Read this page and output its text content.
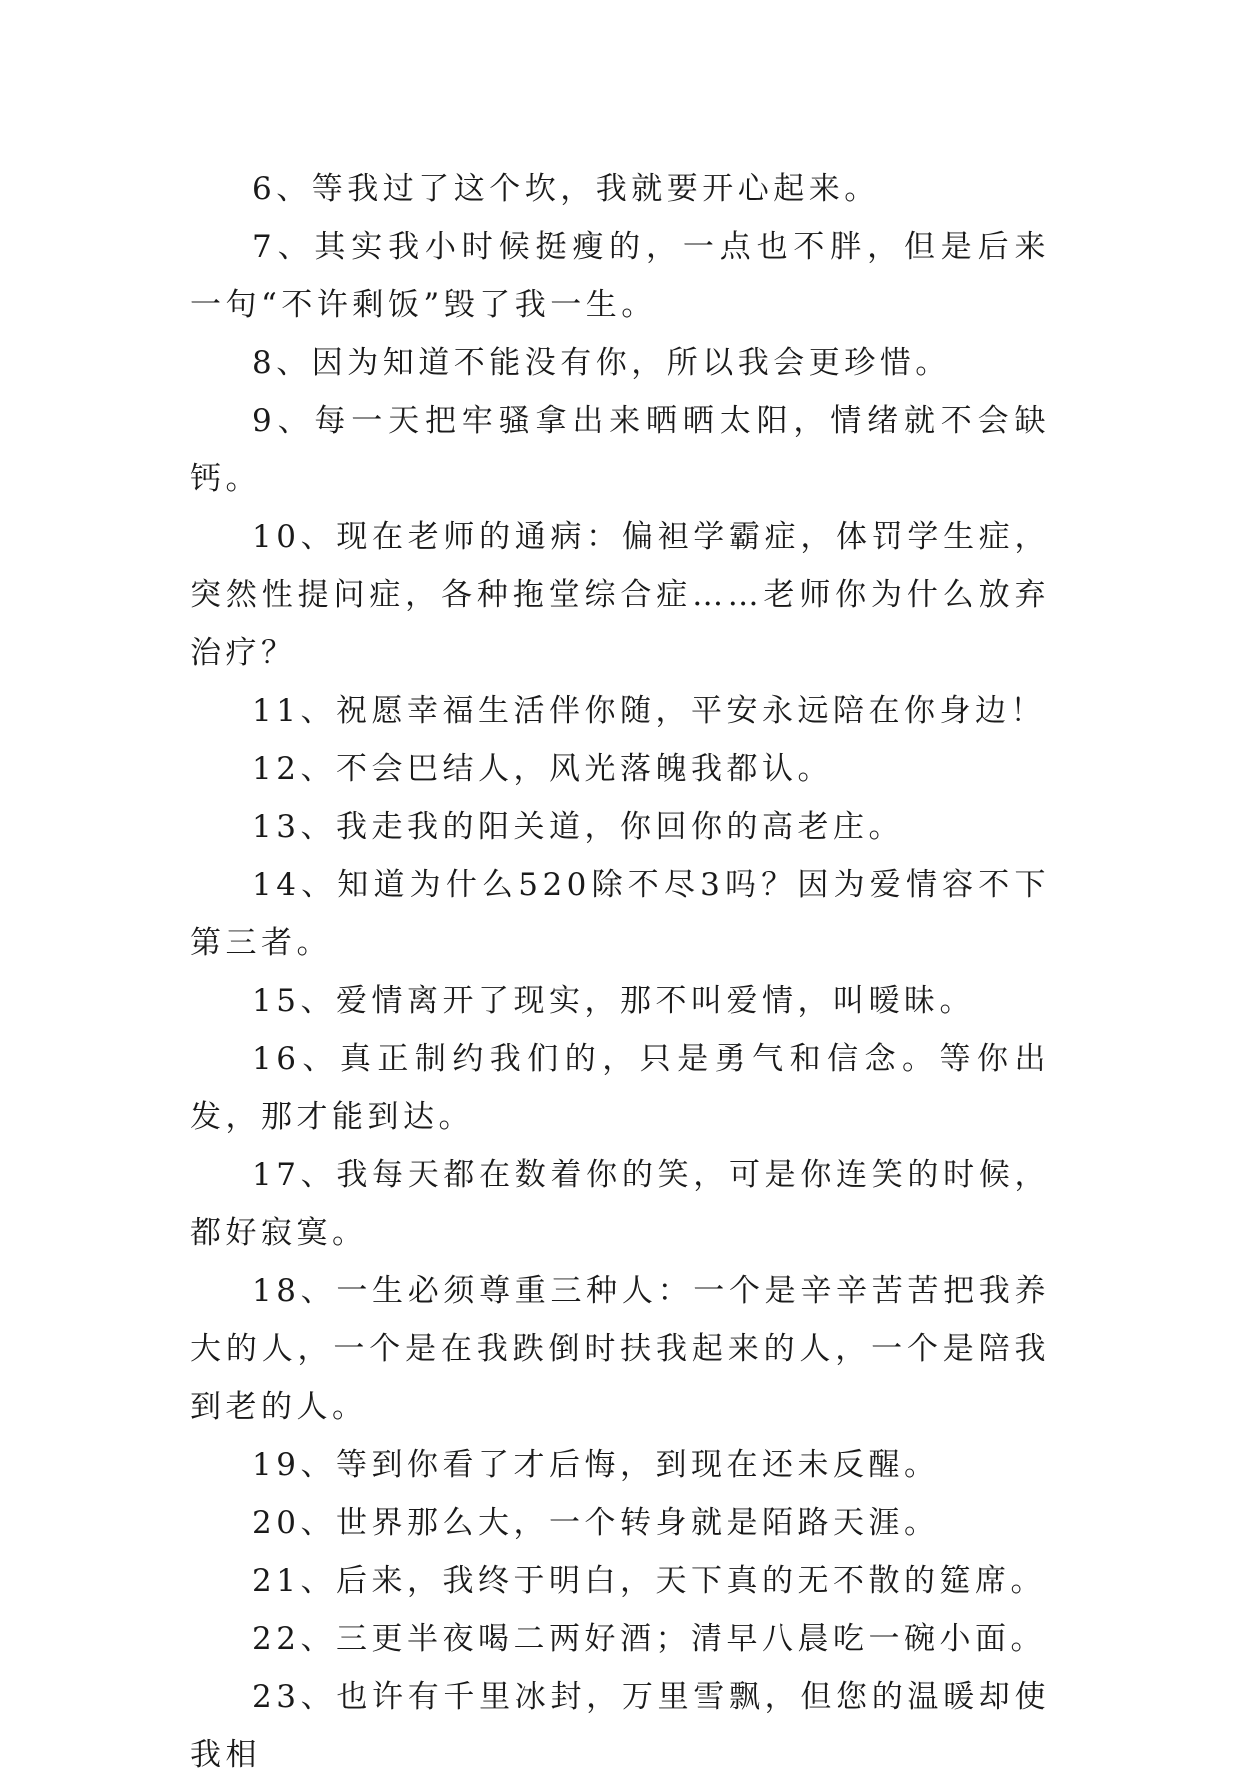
6、等我过了这个坎，我就要开心起来。

7、其实我小时候挺瘦的，一点也不胖，但是后来一句“不许剩饭”毁了我一生。

8、因为知道不能没有你，所以我会更珍惜。

9、每一天把牢骚拿出来晒晒太阳，情绪就不会缺钙。

10、现在老师的通病：偏袒学霸症，体罚学生症，突然性提问症，各种拖堂综合症……老师你为什么放弃治疗？

11、祝愿幸福生活伴你随，平安永远陪在你身边！

12、不会巴结人，风光落魄我都认。

13、我走我的阳关道，你回你的高老庄。

14、知道为什么520除不尽3吗？因为爱情容不下第三者。

15、爱情离开了现实，那不叫爱情，叫暧昧。

16、真正制约我们的，只是勇气和信念。等你出发，那才能到达。

17、我每天都在数着你的笑，可是你连笑的时候，都好寂寞。

18、一生必须尊重三种人：一个是辛辛苦苦把我养大的人，一个是在我跌倒时扶我起来的人，一个是陪我到老的人。

19、等到你看了才后悔，到现在还未反醒。

20、世界那么大，一个转身就是陌路天涯。

21、后来，我终于明白，天下真的无不散的筵席。

22、三更半夜喝二两好酒；清早八晨吃一碗小面。

23、也许有千里冰封，万里雪飘，但您的温暖却使我相
